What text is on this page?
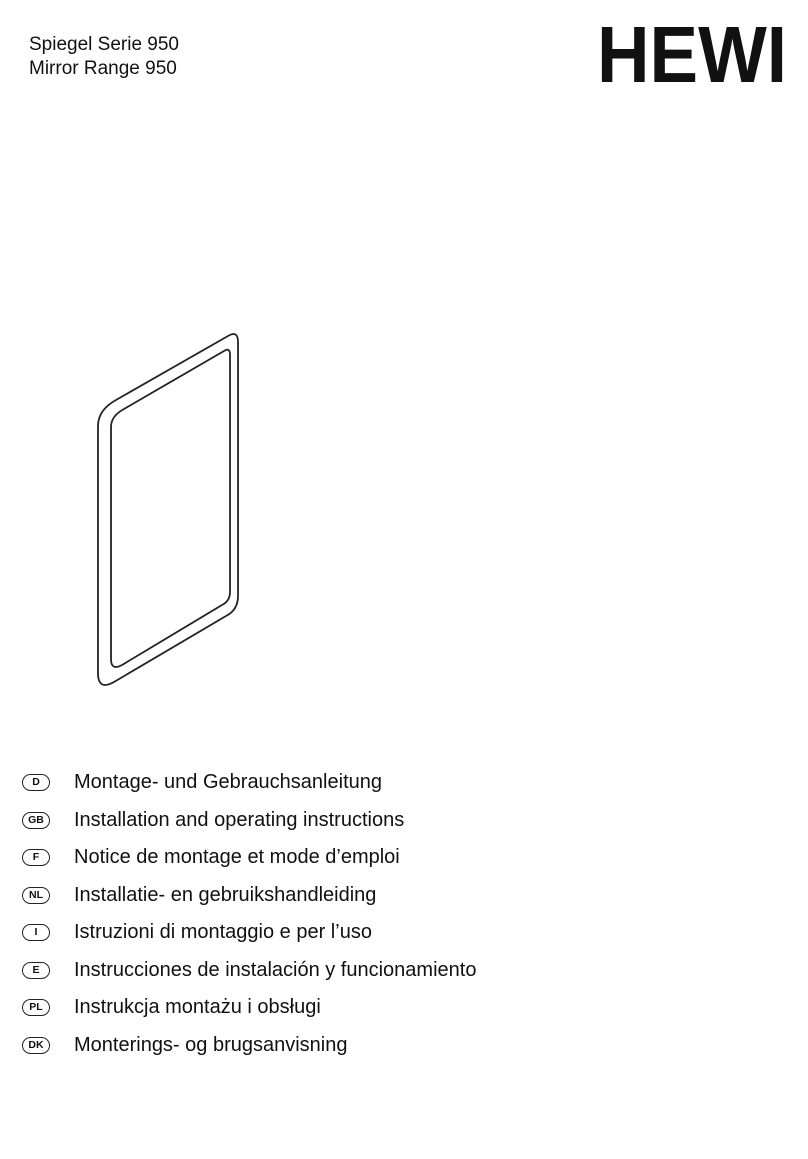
Spiegel Serie 950
Mirror Range 950	HEWI
D	Montage- und Gebrauchsanleitung
GB	Installation and operating instructions
F	Notice de montage et mode d’emploi
NL	Installatie- en gebruikshandleiding
I	Istruzioni di montaggio e per l’uso
E	Instrucciones de instalación y funcionamiento
PL	Instrukcja montażu i obsługi
DK	Monterings- og brugsanvisning
